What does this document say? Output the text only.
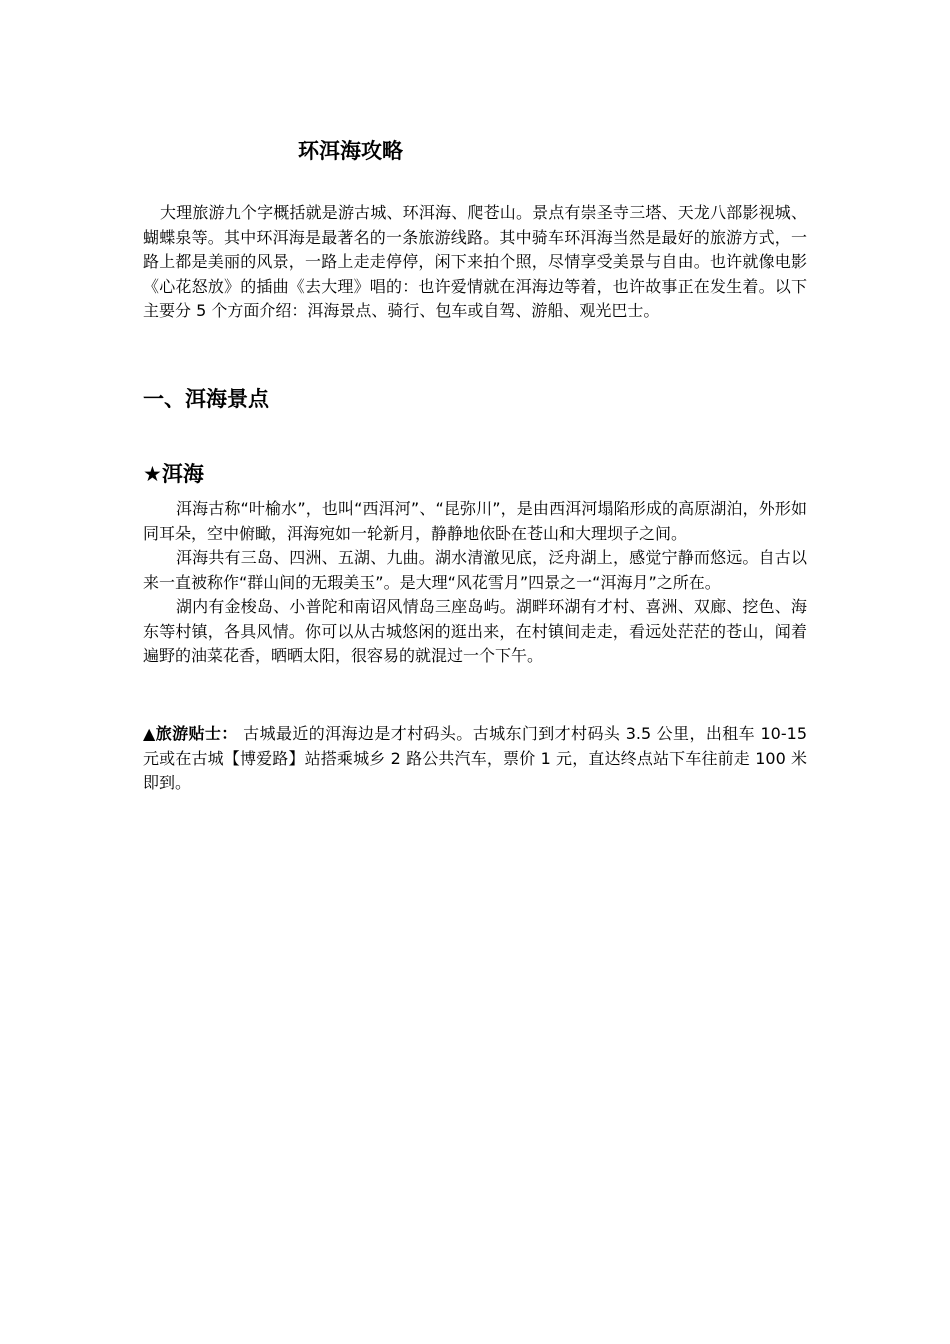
环洱海攻略

大理旅游九个字概括就是游古城、环洱海、爬苍山。景点有崇圣寺三塔、天龙八部影视城、蝴蝶泉等。其中环洱海是最著名的一条旅游线路。其中骑车环洱海当然是最好的旅游方式，一路上都是美丽的风景，一路上走走停停，闲下来拍个照，尽情享受美景与自由。也许就像电影《心花怒放》的插曲《去大理》唱的：也许爱情就在洱海边等着，也许故事正在发生着。以下主要分 5 个方面介绍：洱海景点、骑行、包车或自驾、游船、观光巴士。

一、洱海景点
★洱海

洱海古称“叶榆水”，也叫“西洱河”、“昆弥川”，是由西洱河塌陷形成的高原湖泊，外形如同耳朵，空中俯瞰，洱海宛如一轮新月，静静地依卧在苍山和大理坝子之间。

洱海共有三岛、四洲、五湖、九曲。湖水清澈见底，泛舟湖上，感觉宁静而悠远。自古以来一直被称作“群山间的无瑕美玉”。是大理“风花雪月”四景之一“洱海月”之所在。

湖内有金梭岛、小普陀和南诏风情岛三座岛屿。湖畔环湖有才村、喜洲、双廊、挖色、海东等村镇，各具风情。你可以从古城悠闲的逛出来，在村镇间走走，看远处茫茫的苍山，闻着遍野的油菜花香，晒晒太阳，很容易的就混过一个下午。

▲旅游贴士： 古城最近的洱海边是才村码头。古城东门到才村码头 3.5 公里，出租车 10-15 元或在古城【博爱路】站搭乘城乡 2 路公共汽车，票价 1 元，直达终点站下车往前走 100 米即到。
